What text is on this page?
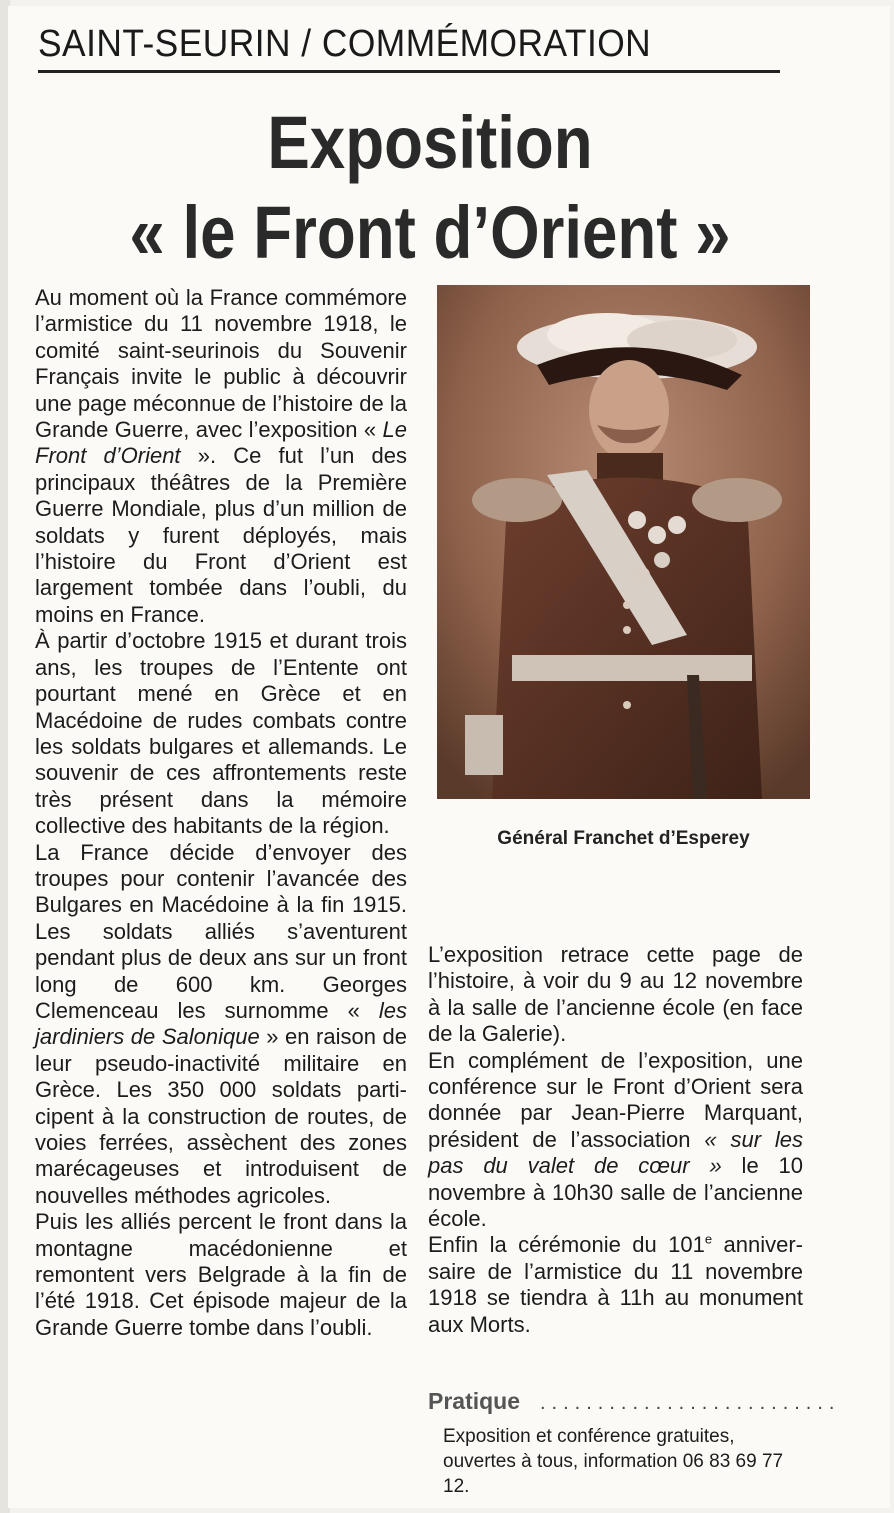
SAINT-SEURIN / COMMÉMORATION
Exposition
« le Front d’Orient »

Au moment où la France commémore l’armistice du 11 novembre 1918, le comité saint-seurinois du Souvenir Français invite le public à découvrir une page méconnue de l’histoire de la Grande Guerre, avec l’exposition « Le Front d’Orient ». Ce fut l’un des principaux théâtres de la Première Guerre Mondiale, plus d’un million de soldats y furent déployés, mais l’histoire du Front d’Orient est largement tombée dans l’oubli, du moins en France.

À partir d’octobre 1915 et durant trois ans, les troupes de l’Entente ont pourtant mené en Grèce et en Macédoine de rudes combats contre les soldats bulgares et allemands. Le souvenir de ces affrontements reste très présent dans la mémoire collective des habitants de la région.

La France décide d’envoyer des troupes pour contenir l’avancée des Bulgares en Macédoine à la fin 1915. Les soldats alliés s’aventurent pendant plus de deux ans sur un front long de 600 km. Georges Clemenceau les surnomme « les jardiniers de Salonique » en raison de leur pseudo-inactivité militaire en Grèce. Les 350 000 soldats participent à la construction de routes, de voies ferrées, assèchent des zones marécageuses et introduisent de nouvelles méthodes agricoles.

Puis les alliés percent le front dans la montagne macédonienne et remontent vers Belgrade à la fin de l’été 1918. Cet épisode majeur de la Grande Guerre tombe dans l’oubli.

Général Franchet d’Esperey

L’exposition retrace cette page de l’histoire, à voir du 9 au 12 novembre à la salle de l’ancienne école (en face de la Galerie).

En complément de l’exposition, une conférence sur le Front d’Orient sera donnée par Jean-Pierre Marquant, président de l’association « sur les pas du valet de cœur » le 10 novembre à 10h30 salle de l’ancienne école.

Enfin la cérémonie du 101e anniversaire de l’armistice du 11 novembre 1918 se tiendra à 11h au monument aux Morts.

Pratique ..........................
Exposition et conférence gratuites, ouvertes à tous, information 06 83 69 77 12.
